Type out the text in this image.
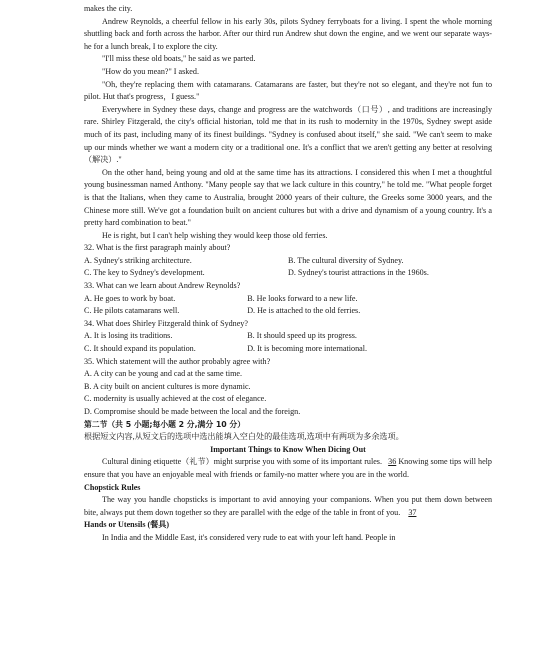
makes the city.

Andrew Reynolds, a cheerful fellow in his early 30s, pilots Sydney ferryboats for a living. I spent the whole morning shuttling back and forth across the harbor. After our third run Andrew shut down the engine, and we went our separate ways-he for a lunch break, I to explore the city.

"I'll miss these old boats," he said as we parted.

"How do you mean?" I asked.

"Oh, they're replacing them with catamarans. Catamarans are faster, but they're not so elegant, and they're not fun to pilot. Hut that's progress，I guess."

Everywhere in Sydney these days, change and progress are the watchwords（口号）, and traditions are increasingly rare. Shirley Fitzgerald, the city's official historian, told me that in its rush to modernity in the 1970s, Sydney swept aside much of its past, including many of its finest buildings. "Sydney is confused about itself," she said. "We can't seem to make up our minds whether we want a modern city or a traditional one. It's a conflict that we aren't getting any better at resolving（解决）."

On the other hand, being young and old at the same time has its attractions. I considered this when I met a thoughtful young businessman named Anthony. "Many people say that we lack culture in this country," he told me. "What people forget is that the Italians, when they came to Australia, brought 2000 years of their culture, the Greeks some 3000 years, and the Chinese more still. We've got a foundation built on ancient cultures but with a drive and dynamism of a young country. It's a pretty hard combination to beat."

He is right, but I can't help wishing they would keep those old ferries.

32. What is the first paragraph mainly about?

A. Sydney's striking architecture.	B. The cultural diversity of Sydney.
C. The key to Sydney's development.	D. Sydney's tourist attractions in the 1960s.

33. What can we learn about Andrew Reynolds?

A. He goes to work by boat.	B. He looks forward to a new life.
C. He pilots catamarans well.	D. He is attached to the old ferries.

34. What does Shirley Fitzgerald think of Sydney?

A. It is losing its traditions.	B. It should speed up its progress.
C. It should expand its population.	D. It is becoming more international.

35. Which statement will the author probably agree with?

A. A city can be young and cad at the same time.

B. A city built on ancient cultures is more dynamic.

C. modernity is usually achieved at the cost of elegance.

D. Compromise should be made between the local and the foreign.

第二节（共 5 小题;每小题 2 分,满分 10 分）

根据短文内容,从短文后的选项中选出能填入空白处的最佳选项,选项中有两项为多余选项。

Important Things to Know When Dicing Out

Cultural dining etiquette（礼节）might surprise you with some of its important rules. 36 Knowing some tips will help ensure that you have an enjoyable meal with friends or family-no matter where you are in the world.

Chopstick Rules

The way you handle chopsticks is important to avid annoying your companions. When you put them down between bite, always put them down together so they are parallel with the edge of the table in front of you. 37

Hands or Utensils (餐具)

In India and the Middle East, it's considered very rude to eat with your left hand. People in
